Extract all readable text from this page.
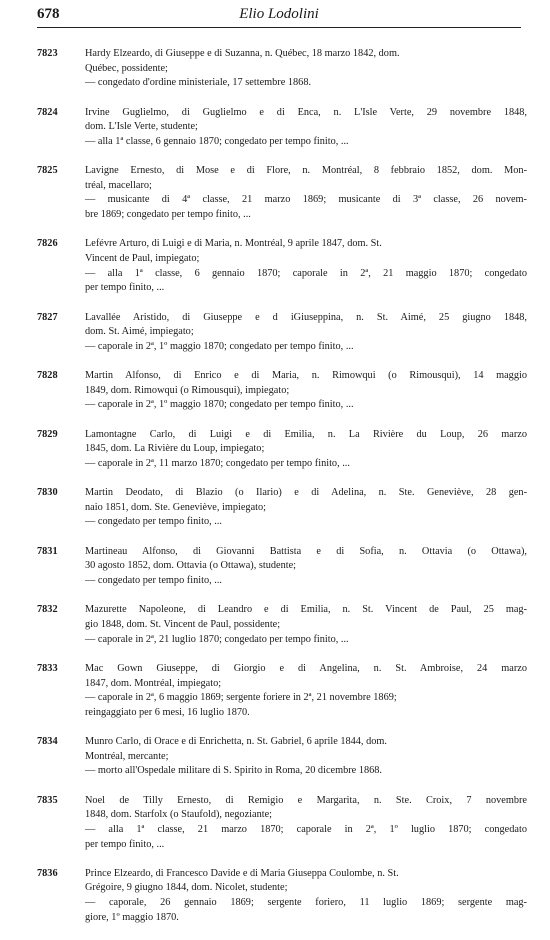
678	Elio Lodolini
7823	Hardy Elzeardo, di Giuseppe e di Suzanna, n. Québec, 18 marzo 1842, dom.
Québec, possidente;
— congedato d'ordine ministeriale, 17 settembre 1868.
7824	Irvine Guglielmo, di Guglielmo e di Enca, n. L'Isle Verte, 29 novembre 1848,
dom. L'Isle Verte, studente;
— alla 1ª classe, 6 gennaio 1870; congedato per tempo finito, ...
7825	Lavigne Ernesto, di Mose e di Flore, n. Montréal, 8 febbraio 1852, dom. Mon-
tréal, macellaro;
— musicante di 4ª classe, 21 marzo 1869; musicante di 3ª classe, 26 novem-
bre 1869; congedato per tempo finito, ...
7826	Lefévre Arturo, di Luigi e di Maria, n. Montréal, 9 aprile 1847, dom. St.
Vincent de Paul, impiegato;
— alla 1ª classe, 6 gennaio 1870; caporale in 2ª, 21 maggio 1870; congedato
per tempo finito, ...
7827	Lavallée Aristido, di Giuseppe e d iGiuseppina, n. St. Aimé, 25 giugno 1848,
dom. St. Aimé, impiegato;
— caporale in 2ª, 1º maggio 1870; congedato per tempo finito, ...
7828	Martin Alfonso, di Enrico e di Maria, n. Rimowqui (o Rimousqui), 14 maggio
1849, dom. Rimowqui (o Rimousqui), impiegato;
— caporale in 2ª, 1º maggio 1870; congedato per tempo finito, ...
7829	Lamontagne Carlo, di Luigi e di Emilia, n. La Rivière du Loup, 26 marzo
1845, dom. La Rivière du Loup, impiegato;
— caporale in 2ª, 11 marzo 1870; congedato per tempo finito, ...
7830	Martin Deodato, di Blazio (o Ilario) e di Adelina, n. Ste. Geneviève, 28 gen-
naio 1851, dom. Ste. Geneviève, impiegato;
— congedato per tempo finito, ...
7831	Martineau Alfonso, di Giovanni Battista e di Sofia, n. Ottavia (o Ottawa),
30 agosto 1852, dom. Ottavia (o Ottawa), studente;
— congedato per tempo finito, ...
7832	Mazurette Napoleone, di Leandro e di Emilia, n. St. Vincent de Paul, 25 mag-
gio 1848, dom. St. Vincent de Paul, possidente;
— caporale in 2ª, 21 luglio 1870; congedato per tempo finito, ...
7833	Mac Gown Giuseppe, di Giorgio e di Angelina, n. St. Ambroise, 24 marzo
1847, dom. Montréal, impiegato;
— caporale in 2ª, 6 maggio 1869; sergente foriere in 2ª, 21 novembre 1869;
reingaggiato per 6 mesi, 16 luglio 1870.
7834	Munro Carlo, di Orace e di Enrichetta, n. St. Gabriel, 6 aprile 1844, dom.
Montréal, mercante;
— morto all'Ospedale militare di S. Spirito in Roma, 20 dicembre 1868.
7835	Noel de Tilly Ernesto, di Remigio e Margarita, n. Ste. Croix, 7 novembre
1848, dom. Starfolx (o Staufold), negoziante;
— alla 1ª classe, 21 marzo 1870; caporale in 2ª, 1º luglio 1870; congedato
per tempo finito, ...
7836	Prince Elzeardo, di Francesco Davide e di Maria Giuseppa Coulombe, n. St.
Grégoire, 9 giugno 1844, dom. Nicolet, studente;
— caporale, 26 gennaio 1869; sergente foriero, 11 luglio 1869; sergente mag-
giore, 1º maggio 1870.
